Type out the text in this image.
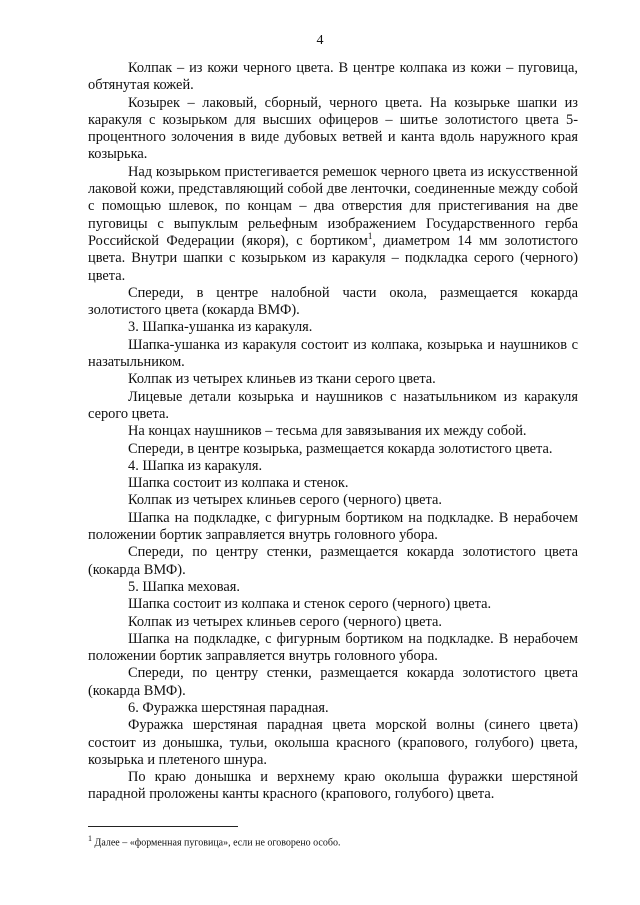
4

Колпак – из кожи черного цвета. В центре колпака из кожи – пуговица, обтянутая кожей.

Козырек – лаковый, сборный, черного цвета. На козырьке шапки из каракуля с козырьком для высших офицеров – шитье золотистого цвета 5-процентного золочения в виде дубовых ветвей и канта вдоль наружного края козырька.

Над козырьком пристегивается ремешок черного цвета из искусственной лаковой кожи, представляющий собой две ленточки, соединенные между собой с помощью шлевок, по концам – два отверстия для пристегивания на две пуговицы с выпуклым рельефным изображением Государственного герба Российской Федерации (якоря), с бортиком$^1$, диаметром 14 мм золотистого цвета. Внутри шапки с козырьком из каракуля – подкладка серого (черного) цвета.

Спереди, в центре налобной части окола, размещается кокарда золотистого цвета (кокарда ВМФ).

3. Шапка-ушанка из каракуля.

Шапка-ушанка из каракуля состоит из колпака, козырька и наушников с назатыльником.

Колпак из четырех клиньев из ткани серого цвета.

Лицевые детали козырька и наушников с назатыльником из каракуля серого цвета.

На концах наушников – тесьма для завязывания их между собой.

Спереди, в центре козырька, размещается кокарда золотистого цвета.

4. Шапка из каракуля.

Шапка состоит из колпака и стенок.

Колпак из четырех клиньев серого (черного) цвета.

Шапка на подкладке, с фигурным бортиком на подкладке. В нерабочем положении бортик заправляется внутрь головного убора.

Спереди, по центру стенки, размещается кокарда золотистого цвета (кокарда ВМФ).

5. Шапка меховая.

Шапка состоит из колпака и стенок серого (черного) цвета.

Колпак из четырех клиньев серого (черного) цвета.

Шапка на подкладке, с фигурным бортиком на подкладке. В нерабочем положении бортик заправляется внутрь головного убора.

Спереди, по центру стенки, размещается кокарда золотистого цвета (кокарда ВМФ).

6. Фуражка шерстяная парадная.

Фуражка шерстяная парадная цвета морской волны (синего цвета) состоит из донышка, тульи, околыша красного (крапового, голубого) цвета, козырька и плетеного шнура.

По краю донышка и верхнему краю околыша фуражки шерстяной парадной проложены канты красного (крапового, голубого) цвета.

$^1$ Далее – «форменная пуговица», если не оговорено особо.
